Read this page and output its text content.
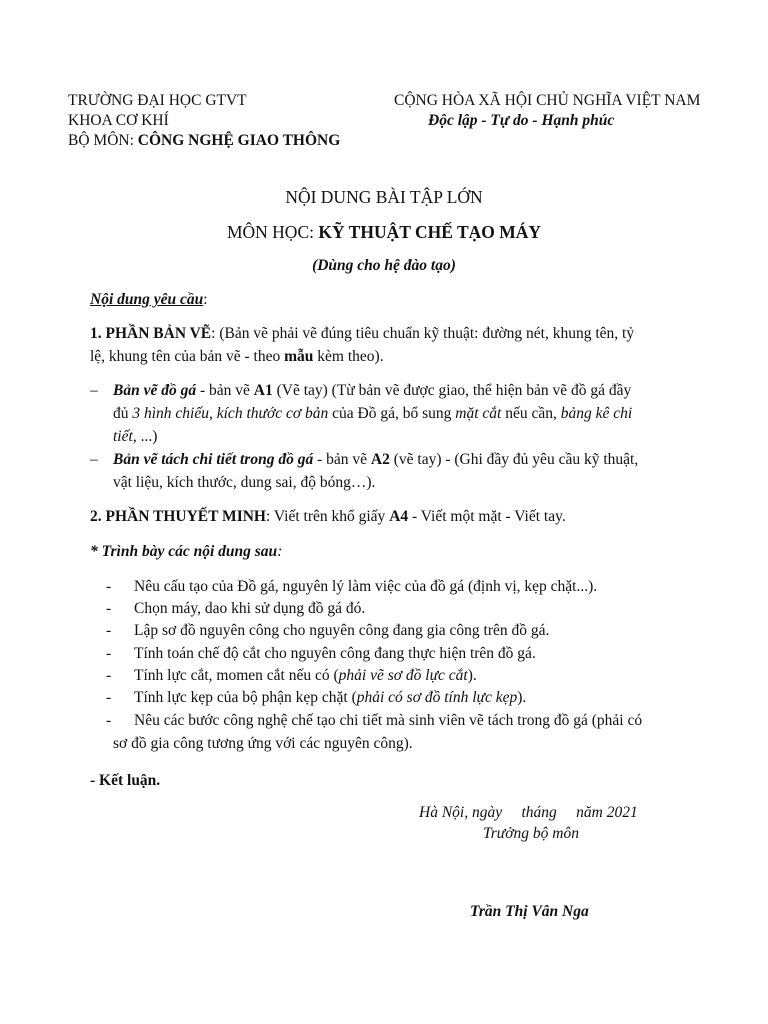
TRƯỜNG ĐẠI HỌC GTVT
KHOA CƠ KHÍ
BỘ MÔN: CÔNG NGHỆ GIAO THÔNG
CỘNG HÒA XÃ HỘI CHỦ NGHĨA VIỆT NAM
Độc lập - Tự do - Hạnh phúc
NỘI DUNG BÀI TẬP LỚN
MÔN HỌC: KỸ THUẬT CHẾ TẠO MÁY
(Dùng cho hệ đào tạo)
Nội dung yêu cầu:
1. PHẦN BẢN VẼ: (Bản vẽ phải vẽ đúng tiêu chuẩn kỹ thuật: đường nét, khung tên, tỷ
lệ, khung tên của bản vẽ - theo mẫu kèm theo).
– Bản vẽ đồ gá - bản vẽ A1 (Vẽ tay) (Từ bản vẽ được giao, thể hiện bản vẽ đồ gá đầy
đủ 3 hình chiếu, kích thước cơ bản của Đồ gá, bổ sung mặt cắt nếu cần, bảng kê chi
tiết, ...)
– Bản vẽ tách chi tiết trong đồ gá - bản vẽ A2 (vẽ tay) - (Ghi đầy đủ yêu cầu kỹ thuật,
vật liệu, kích thước, dung sai, độ bóng…).
2. PHẦN THUYẾT MINH: Viết trên khổ giấy A4 - Viết một mặt - Viết tay.
* Trình bày các nội dung sau:
- Nêu cấu tạo của Đồ gá, nguyên lý làm việc của đồ gá (định vị, kẹp chặt...).
- Chọn máy, dao khi sử dụng đồ gá đó.
- Lập sơ đồ nguyên công cho nguyên công đang gia công trên đồ gá.
- Tính toán chế độ cắt cho nguyên công đang thực hiện trên đồ gá.
- Tính lực cắt, momen cắt nếu có (phải vẽ sơ đồ lực cắt).
- Tính lực kẹp của bộ phận kẹp chặt (phải có sơ đồ tính lực kẹp).
- Nêu các bước công nghệ chế tạo chi tiết mà sinh viên vẽ tách trong đồ gá (phải có
sơ đồ gia công tương ứng với các nguyên công).
- Kết luận.
Hà Nội, ngày     tháng     năm 2021
Trưởng bộ môn
Trần Thị Vân Nga
